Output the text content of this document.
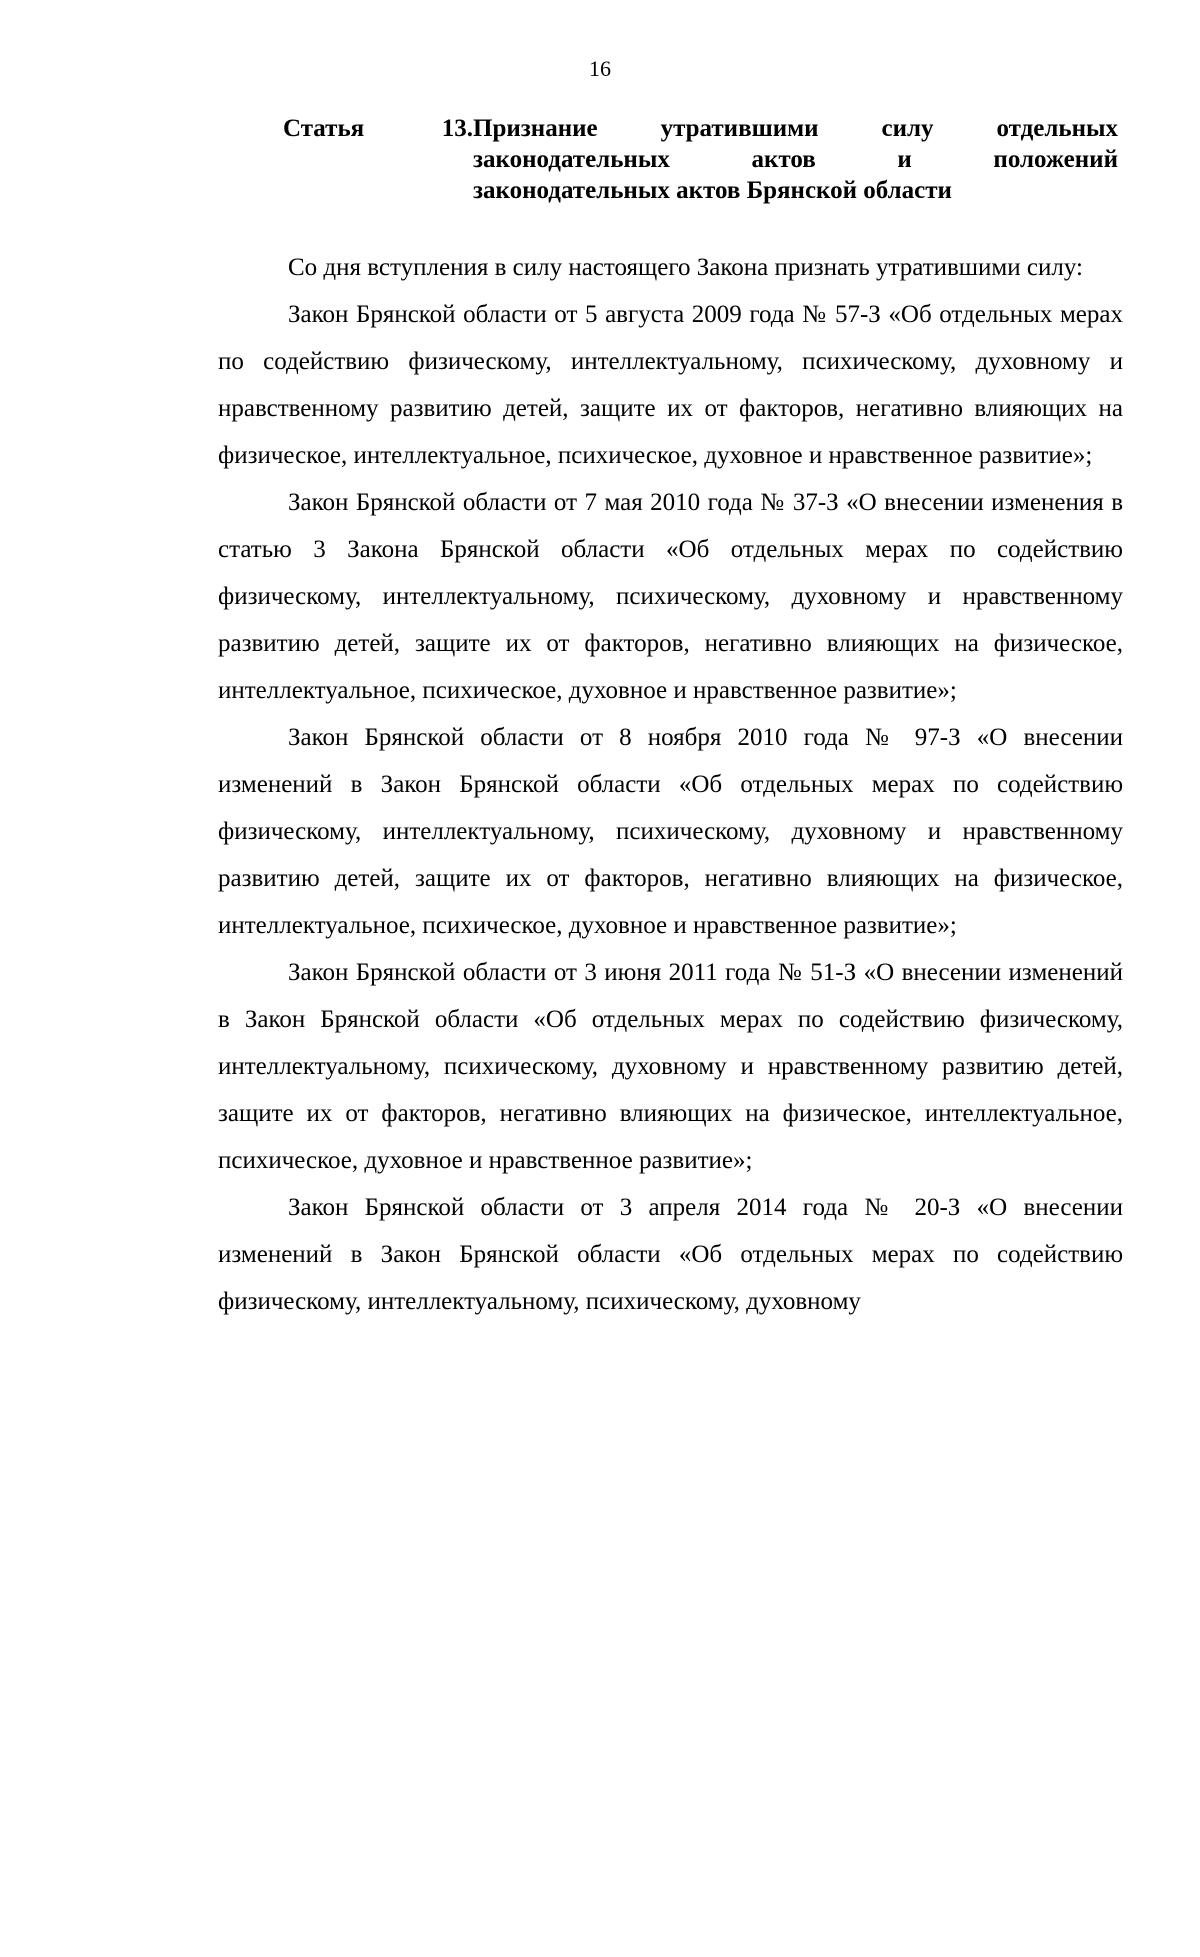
16
Статья	13. Признание утратившими силу отдельных
законодательных актов и положений
законодательных актов Брянской области

Со дня вступления в силу настоящего Закона признать утратившими силу:

Закон Брянской области от 5 августа 2009 года № 57-З «Об отдельных мерах по содействию физическому, интеллектуальному, психическому, духовному и нравственному развитию детей, защите их от факторов, негативно влияющих на физическое, интеллектуальное, психическое, духовное и нравственное развитие»;

Закон Брянской области от 7 мая 2010 года № 37-З «О внесении изменения в статью 3 Закона Брянской области «Об отдельных мерах по содействию физическому, интеллектуальному, психическому, духовному и нравственному развитию детей, защите их от факторов, негативно влияющих на физическое, интеллектуальное, психическое, духовное и нравственное развитие»;

Закон Брянской области от 8 ноября 2010 года № 97-З «О внесении изменений в Закон Брянской области «Об отдельных мерах по содействию физическому, интеллектуальному, психическому, духовному и нравственному развитию детей, защите их от факторов, негативно влияющих на физическое, интеллектуальное, психическое, духовное и нравственное развитие»;

Закон Брянской области от 3 июня 2011 года № 51-З «О внесении изменений в Закон Брянской области «Об отдельных мерах по содействию физическому, интеллектуальному, психическому, духовному и нравственному развитию детей, защите их от факторов, негативно влияющих на физическое, интеллектуальное, психическое, духовное и нравственное развитие»;

Закон Брянской области от 3 апреля 2014 года № 20-З «О внесении изменений в Закон Брянской области «Об отдельных мерах по содействию физическому, интеллектуальному, психическому, духовному
